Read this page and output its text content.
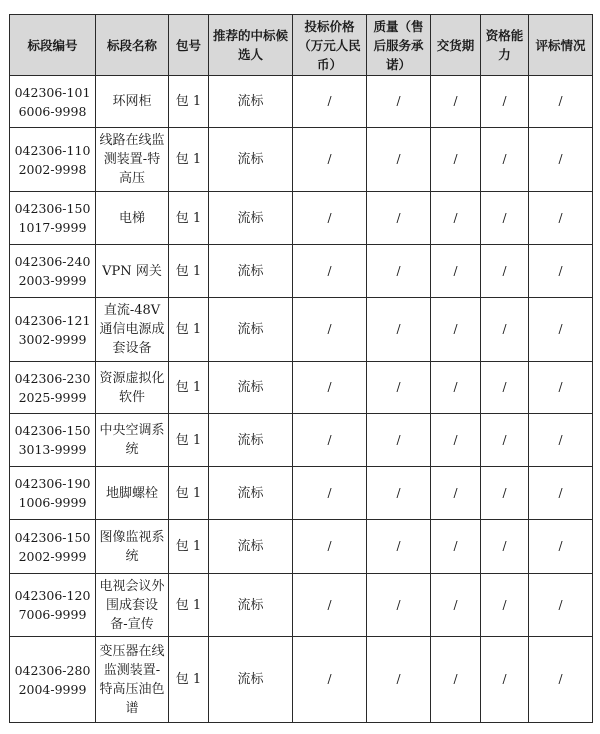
标段编号	标段名称	包号	推荐的中标候选人	投标价格（万元人民币）	质量（售后服务承诺）	交货期	资格能力	评标情况
042306-1016006-9998	环网柜	包 1	流标	/	/	/	/	/
042306-1102002-9998	线路在线监测装置-特高压	包 1	流标	/	/	/	/	/
042306-1501017-9999	电梯	包 1	流标	/	/	/	/	/
042306-2402003-9999	VPN 网关	包 1	流标	/	/	/	/	/
042306-1213002-9999	直流-48V通信电源成套设备	包 1	流标	/	/	/	/	/
042306-2302025-9999	资源虚拟化软件	包 1	流标	/	/	/	/	/
042306-1503013-9999	中央空调系统	包 1	流标	/	/	/	/	/
042306-1901006-9999	地脚螺栓	包 1	流标	/	/	/	/	/
042306-1502002-9999	图像监视系统	包 1	流标	/	/	/	/	/
042306-1207006-9999	电视会议外围成套设备-宣传	包 1	流标	/	/	/	/	/
042306-2802004-9999	变压器在线监测装置-特高压油色谱	包 1	流标	/	/	/	/	/
